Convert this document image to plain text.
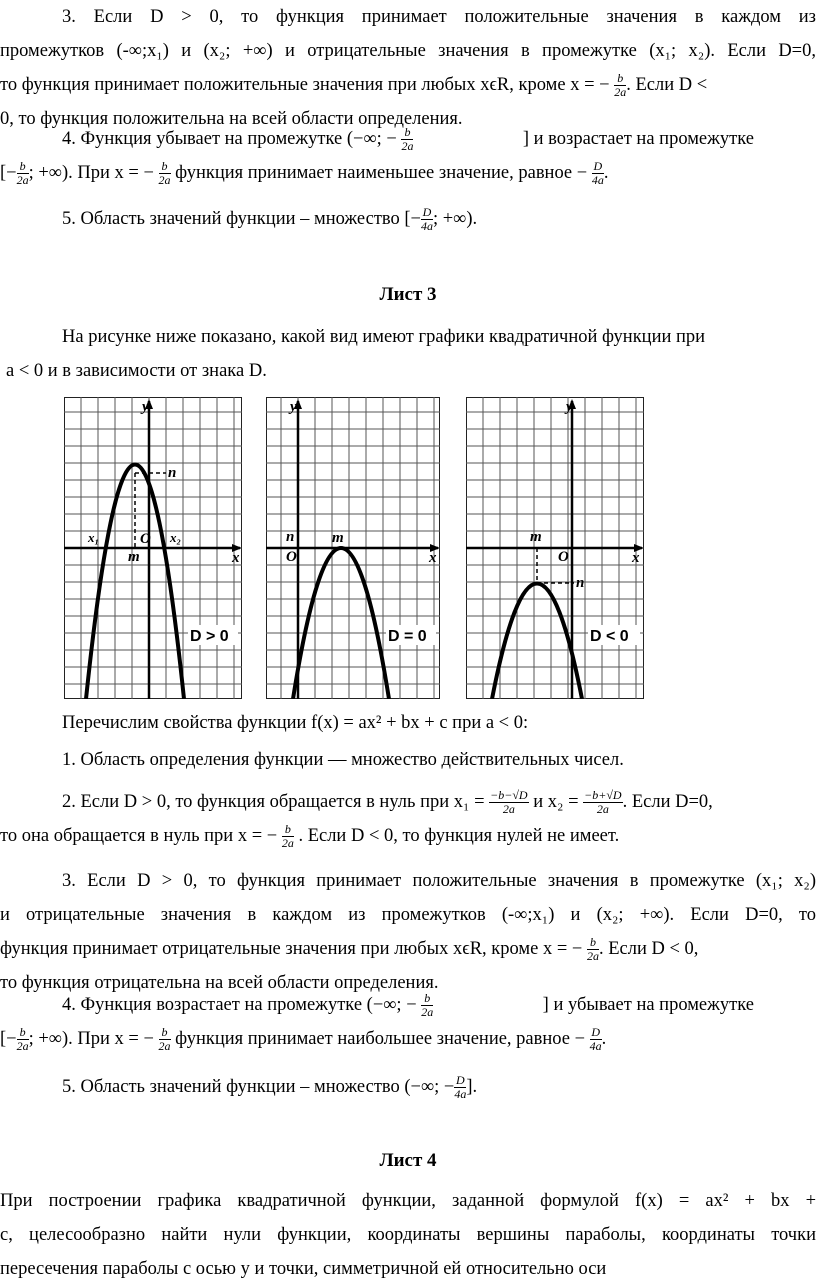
3. Если D > 0, то функция принимает положительные значения в каждом из
промежутков (-∞;x₁) и (x₂; +∞) и отрицательные значения в промежутке (x₁; x₂). Если D=0,
то функция принимает положительные значения при любых xϵR, кроме x = − $\frac{b}{2a}$ . Если D <
0, то функция положительна на всей области определения.
4. Функция убывает на промежутке (−∞; − $\frac{b}{2a}$	] и возрастает на промежутке
[− $\frac{b}{2a}$ ; +∞). При x = − $\frac{b}{2a}$ функция принимает наименьшее значение, равное − $\frac{D}{4a}$ .
5. Область значений функции – множество [− $\frac{D}{4a}$ ; +∞).
Лист 3
На рисунке ниже показано, какой вид имеют графики квадратичной функции при
a < 0 и в зависимости от знака D.
y
x
O
n
m
x₁	x₂
D > 0
y
x
O
n	m
D = 0
y
x
O
n
m
D < 0
Перечислим свойства функции f(x) = ax² + bx + c при a < 0:
1. Область определения функции — множество действительных чисел.
2. Если D > 0, то функция обращается в нуль при $x_1 = \frac{-b-√D}{2a}$ и $x_2 = \frac{-b+√D}{2a}$ . Если D=0,
то она обращается в нуль при x = − $\frac{b}{2a}$ . Если D < 0, то функция нулей не имеет.
3. Если D > 0, то функция принимает положительные значения в промежутке (x₁; x₂)
и отрицательные значения в каждом из промежутков (-∞;x₁) и (x₂; +∞). Если D=0, то
функция принимает отрицательные значения при любых xϵR, кроме x = − $\frac{b}{2a}$ . Если D < 0,
то функция отрицательна на всей области определения.
4. Функция возрастает на промежутке (−∞; − $\frac{b}{2a}$	] и убывает на промежутке
[− $\frac{b}{2a}$ ; +∞). При x = − $\frac{b}{2a}$ функция принимает наибольшее значение, равное − $\frac{D}{4a}$ .
5. Область значений функции – множество (−∞; − $\frac{D}{4a}$ ].
Лист 4
При построении графика квадратичной функции, заданной формулой f(x) = ax² + bx +
c, целесообразно найти нули функции, координаты вершины параболы, координаты точки
пересечения параболы с осью y и точки, симметричной ей относительно оси
